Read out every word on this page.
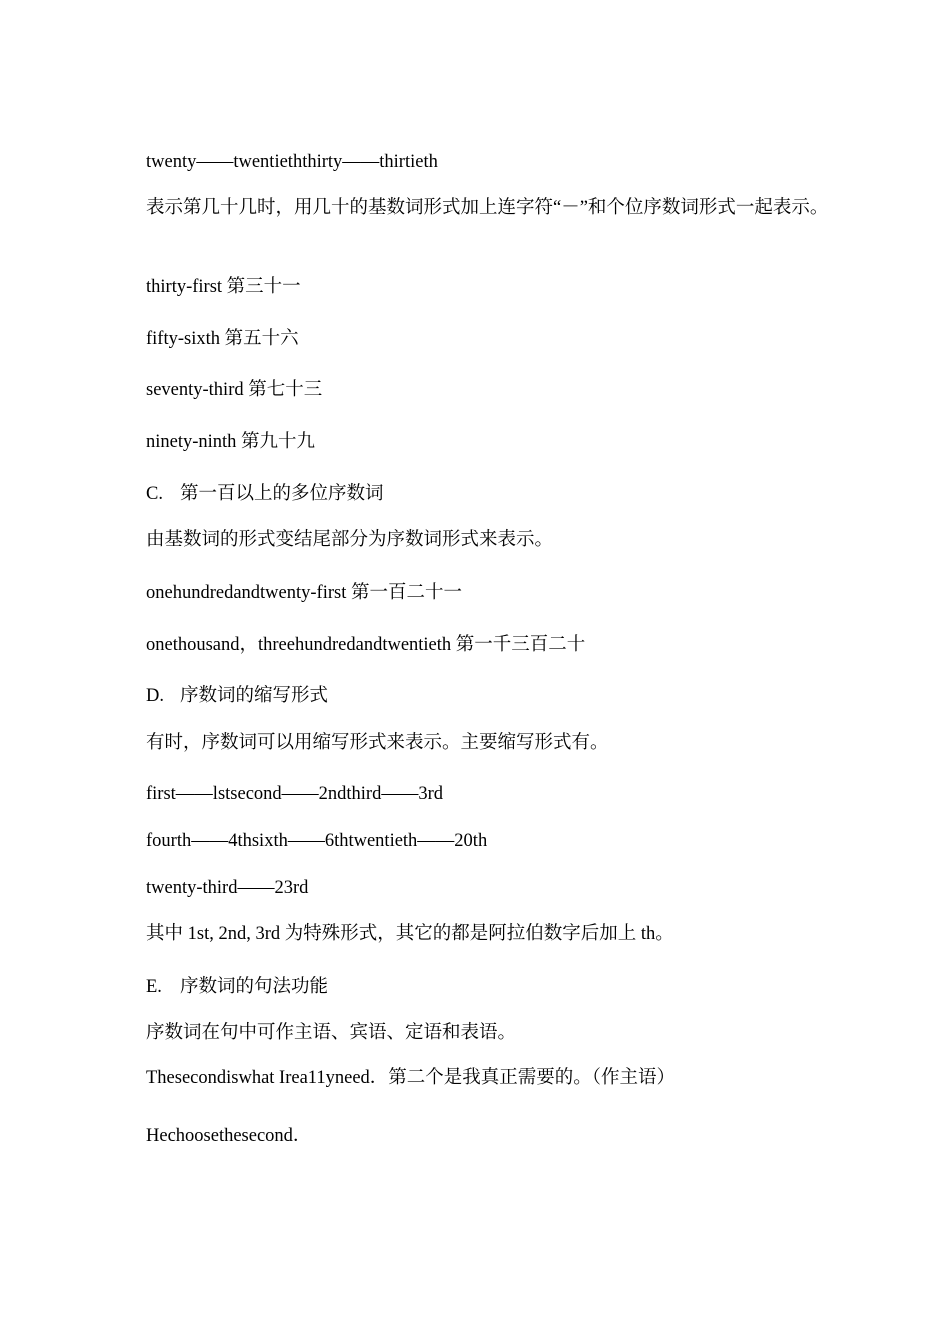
twenty——twentieththirty——thirtieth
表示第几十几时，用几十的基数词形式加上连字符“－”和个位序数词形式一起表示。
thirty-first 第三十一
fifty-sixth 第五十六
seventy-third 第七十三
ninety-ninth 第九十九
C. 第一百以上的多位序数词
由基数词的形式变结尾部分为序数词形式来表示。
onehundredandtwenty-first 第一百二十一
onethousand，threehundredandtwentieth 第一千三百二十
D. 序数词的缩写形式
有时，序数词可以用缩写形式来表示。主要缩写形式有。
first——lstsecond——2ndthird——3rd
fourth——4thsixth——6thtwentieth——20th
twenty-third——23rd
其中 1st, 2nd, 3rd 为特殊形式，其它的都是阿拉伯数字后加上 th。
E. 序数词的句法功能
序数词在句中可作主语、宾语、定语和表语。
Thesecondiswhat Irea11yneed．第二个是我真正需要的。（作主语）
Hechoosethesecond．
